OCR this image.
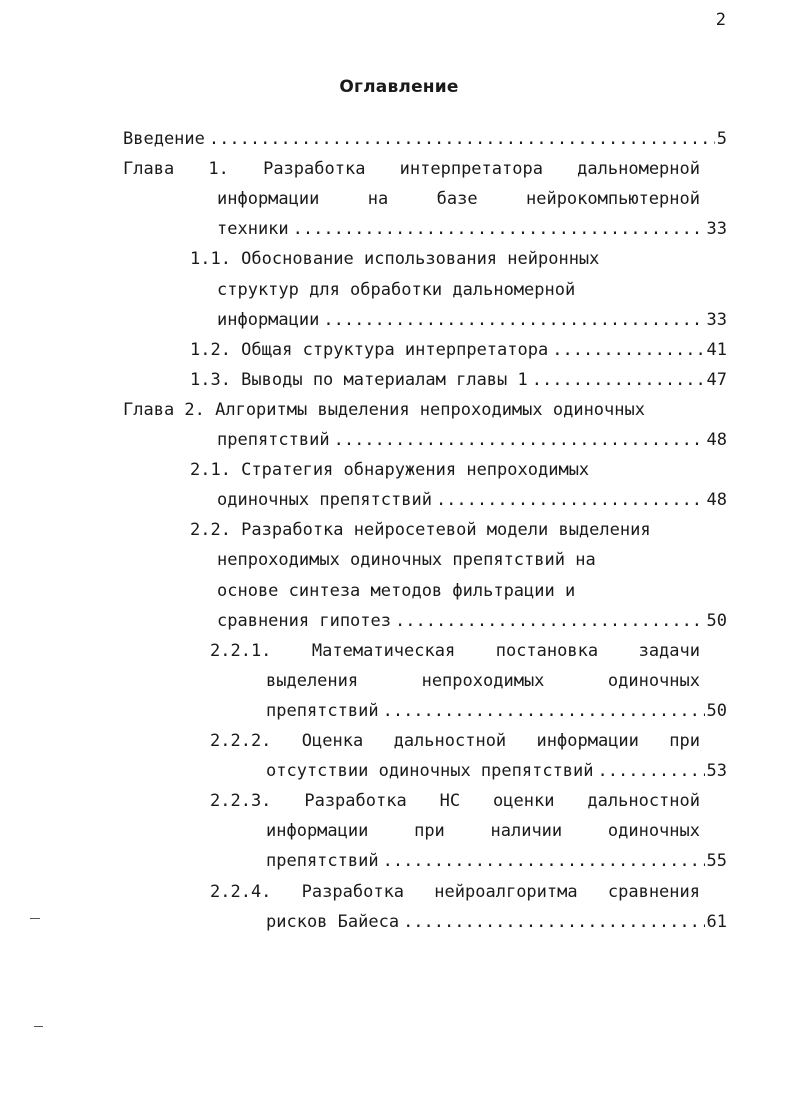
2
Оглавление
Введение .....	5
Глава 1. Разработка интерпретатора дальномерной
информации на базе нейрокомпьютерной
техники .....	33
1.1. Обоснование использования нейронных
структур для обработки дальномерной
информации .....	33
1.2. Общая структура интерпретатора .....	41
1.3. Выводы по материалам главы 1 .....	47
Глава 2. Алгоритмы выделения непроходимых одиночных
препятствий .....	48
2.1. Стратегия обнаружения непроходимых
одиночных препятствий .....	48
2.2. Разработка нейросетевой модели выделения
непроходимых одиночных препятствий на
основе синтеза методов фильтрации и
сравнения гипотез .....	50
2.2.1. Математическая постановка задачи
выделения непроходимых одиночных
препятствий .....	50
2.2.2. Оценка дальностной информации при
отсутствии одиночных препятствий .....	53
2.2.3. Разработка НС оценки дальностной
информации при наличии одиночных
препятствий .....	55
2.2.4. Разработка нейроалгоритма сравнения
рисков Байеса .....	61
